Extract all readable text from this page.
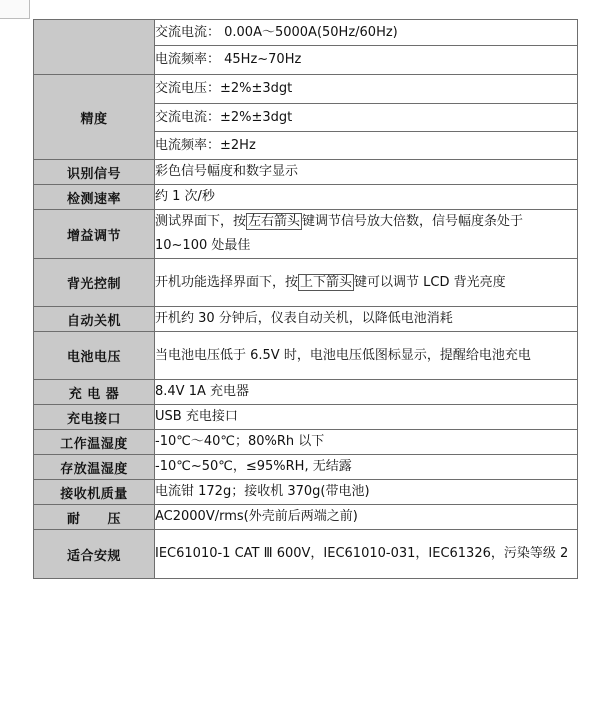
	交流电流： 0.00A～5000A(50Hz/60Hz)
	电流频率： 45Hz~70Hz
精度	交流电压：±2%±3dgt
	交流电流：±2%±3dgt
	电流频率：±2Hz
识别信号	彩色信号幅度和数字显示
检测速率	约 1 次/秒
增益调节	测试界面下，按 左右箭头 键调节信号放大倍数，信号幅度条处于 10~100 处最佳
背光控制	开机功能选择界面下，按 上下箭头 键可以调节 LCD 背光亮度
自动关机	开机约 30 分钟后，仪表自动关机，以降低电池消耗
电池电压	当电池电压低于 6.5V 时，电池电压低图标显示，提醒给电池充电
充 电 器	8.4V 1A 充电器
充电接口	USB 充电接口
工作温湿度	-10℃～40℃；80%Rh 以下
存放温湿度	-10℃~50℃，≤95%RH, 无结露
接收机质量	电流钳 172g；接收机 370g(带电池)
耐　　压	AC2000V/rms(外壳前后两端之前)
适合安规	IEC61010-1 CAT Ⅲ 600V，IEC61010-031，IEC61326，污染等级 2
